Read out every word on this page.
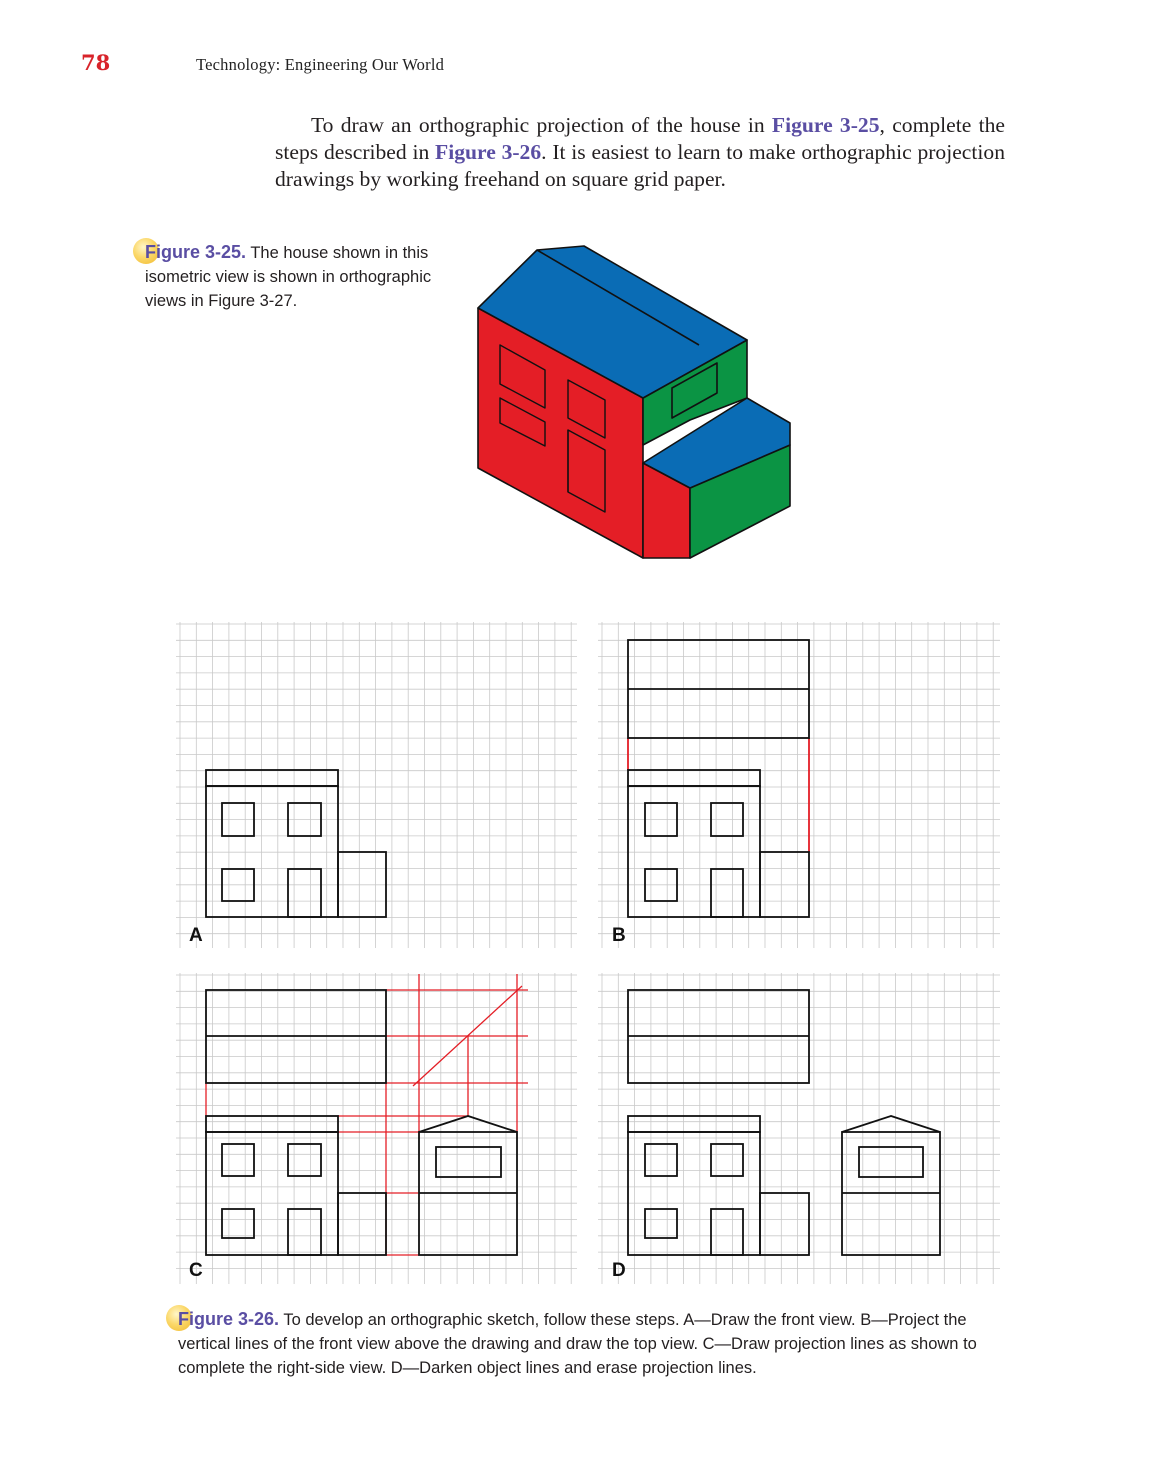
78	Technology: Engineering Our World
To draw an orthographic projection of the house in Figure 3-25, complete the steps described in Figure 3-26. It is easiest to learn to make orthographic projection drawings by working freehand on square grid paper.
Figure 3-25. The house shown in this isometric view is shown in orthographic views in Figure 3-27.
A	B
C	D
Figure 3-26. To develop an orthographic sketch, follow these steps. A—Draw the front view. B—Project the vertical lines of the front view above the drawing and draw the top view. C—Draw projection lines as shown to complete the right-side view. D—Darken object lines and erase projection lines.
